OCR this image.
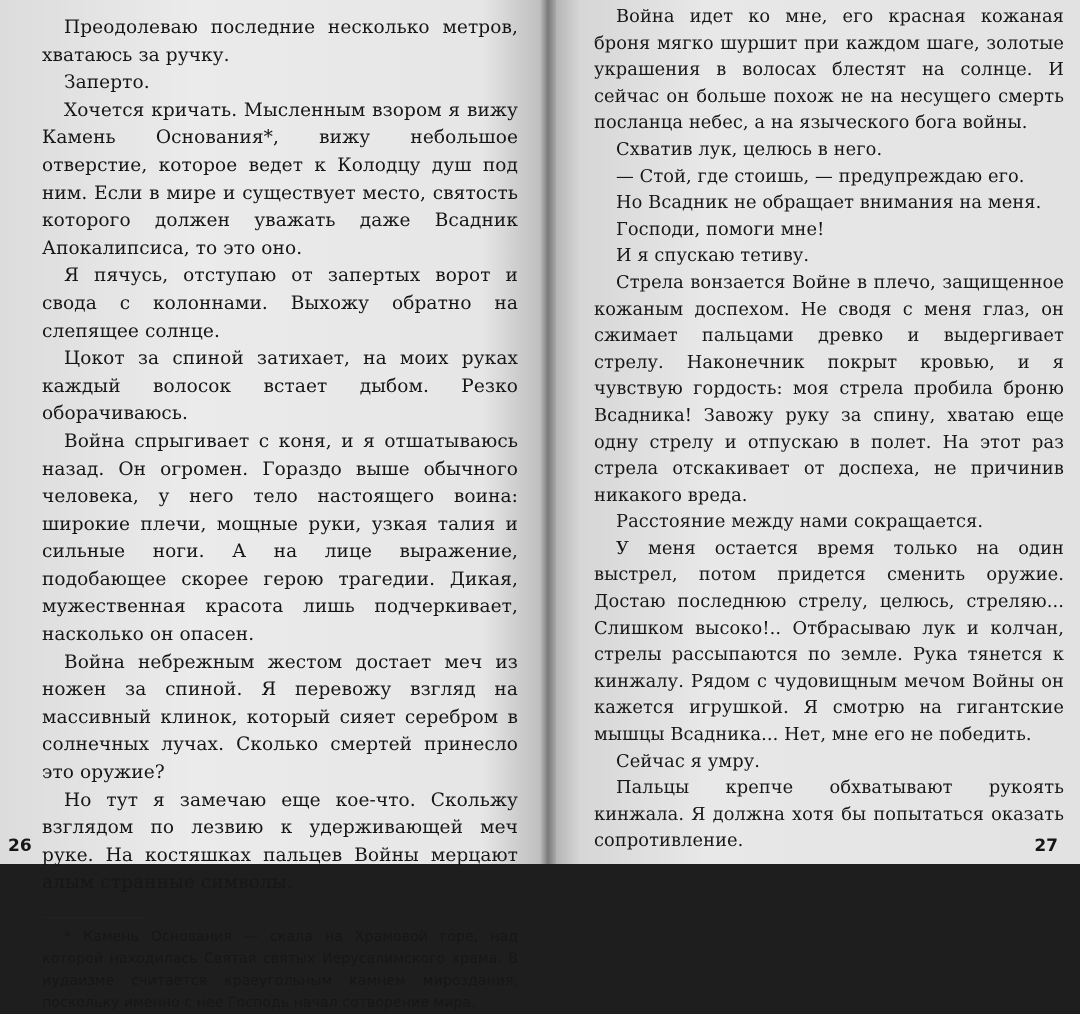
Преодолеваю последние несколько метров, хватаюсь за ручку.

Заперто.

Хочется кричать. Мысленным взором я вижу Камень Основания*, вижу небольшое отверстие, которое ведет к Колодцу душ под ним. Если в мире и существует место, святость которого должен уважать даже Всадник Апокалипсиса, то это оно.

Я пячусь, отступаю от запертых ворот и свода с колоннами. Выхожу обратно на слепящее солнце.

Цокот за спиной затихает, на моих руках каждый волосок встает дыбом. Резко оборачиваюсь.

Война спрыгивает с коня, и я отшатываюсь назад. Он огромен. Гораздо выше обычного человека, у него тело настоящего воина: широкие плечи, мощные руки, узкая талия и сильные ноги. А на лице выражение, подобающее скорее герою трагедии. Дикая, мужественная красота лишь подчеркивает, насколько он опасен.

Война небрежным жестом достает меч из ножен за спиной. Я перевожу взгляд на массивный клинок, который сияет серебром в солнечных лучах. Сколько смертей принесло это оружие?

Но тут я замечаю еще кое-что. Скольжу взглядом по лезвию к удерживающей меч руке. На костяшках пальцев Войны мерцают алым странные символы.

* Камень Основания — скала на Храмовой горе, над которой находилась Святая святых Иерусалимского храма. В иудаизме считается краеугольным камнем мироздания, поскольку именно с нее Господь начал сотворение мира.

26

Война идет ко мне, его красная кожаная броня мягко шуршит при каждом шаге, золотые украшения в волосах блестят на солнце. И сейчас он больше похож не на несущего смерть посланца небес, а на языческого бога войны.

Схватив лук, целюсь в него.

— Стой, где стоишь, — предупреждаю его.

Но Всадник не обращает внимания на меня.

Господи, помоги мне!

И я спускаю тетиву.

Стрела вонзается Войне в плечо, защищенное кожаным доспехом. Не сводя с меня глаз, он сжимает пальцами древко и выдергивает стрелу. Наконечник покрыт кровью, и я чувствую гордость: моя стрела пробила броню Всадника! Завожу руку за спину, хватаю еще одну стрелу и отпускаю в полет. На этот раз стрела отскакивает от доспеха, не причинив никакого вреда.

Расстояние между нами сокращается.

У меня остается время только на один выстрел, потом придется сменить оружие. Достаю последнюю стрелу, целюсь, стреляю... Слишком высоко!.. Отбрасываю лук и колчан, стрелы рассыпаются по земле. Рука тянется к кинжалу. Рядом с чудовищным мечом Войны он кажется игрушкой. Я смотрю на гигантские мышцы Всадника... Нет, мне его не победить.

Сейчас я умру.

Пальцы крепче обхватывают рукоять кинжала. Я должна хотя бы попытаться оказать сопротивление.	27
